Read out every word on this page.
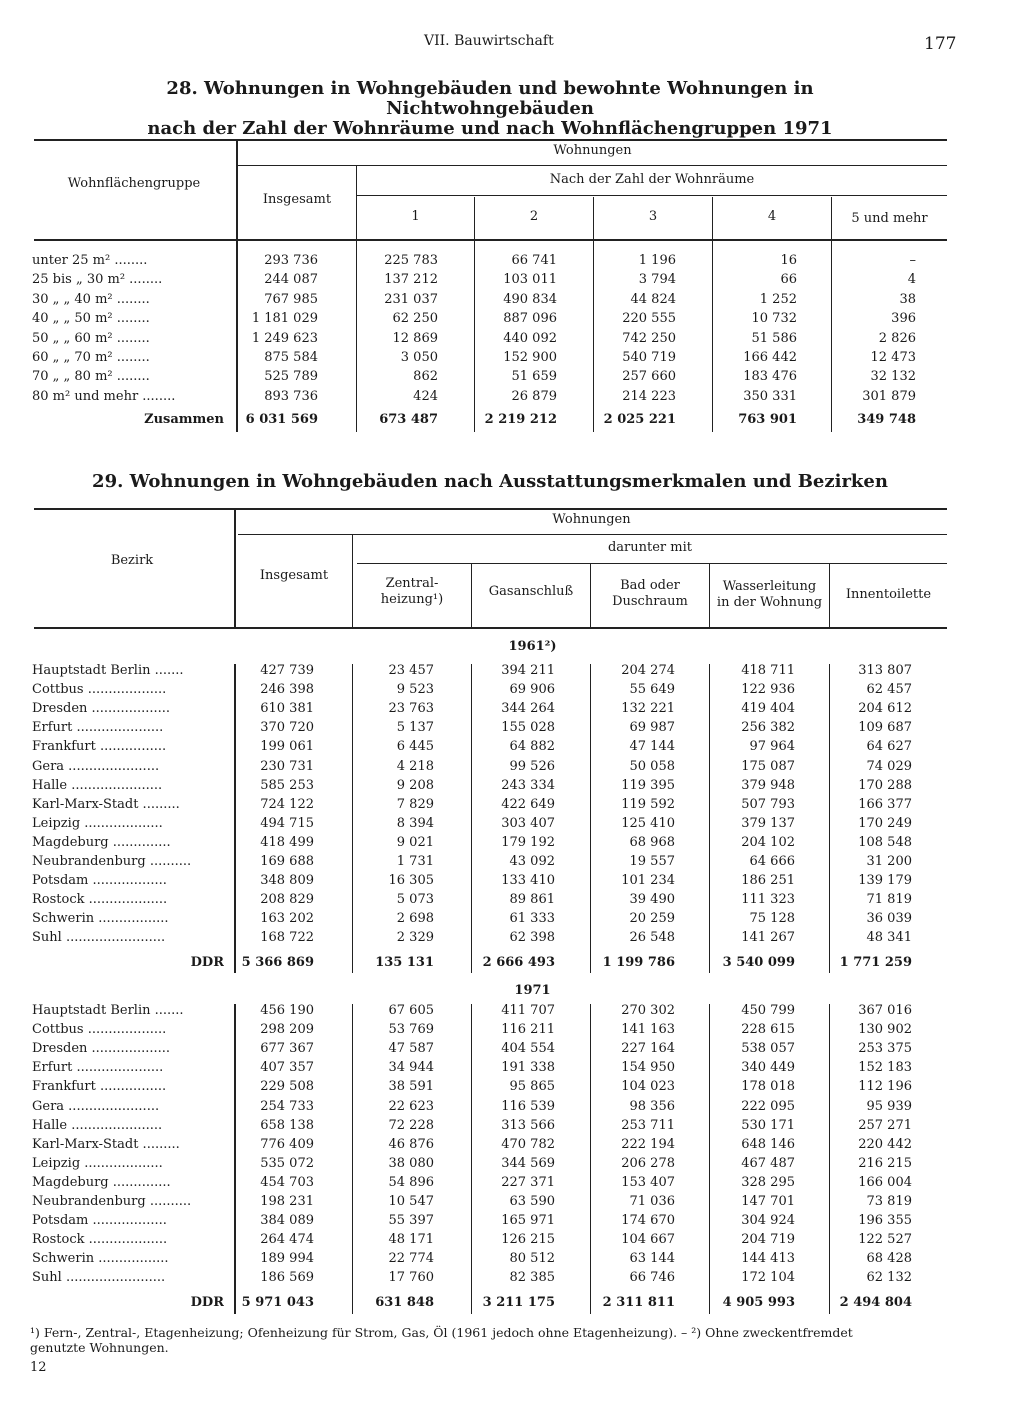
VII. Bauwirtschaft	177
28. Wohnungen in Wohngebäuden und bewohnte Wohnungen in Nichtwohngebäuden
nach der Zahl der Wohnräume und nach Wohnflächengruppen 1971
Wohnflächengruppe
Wohnungen
Insgesamt
Nach der Zahl der Wohnräume
1	2	3	4	5 und mehr
unter 25 m² ........	293 736	225 783	66 741	1 196	16	–
25 bis „ 30 m² ........	244 087	137 212	103 011	3 794	66	4
30 „ „ 40 m² ........	767 985	231 037	490 834	44 824	1 252	38
40 „ „ 50 m² ........	1 181 029	62 250	887 096	220 555	10 732	396
50 „ „ 60 m² ........	1 249 623	12 869	440 092	742 250	51 586	2 826
60 „ „ 70 m² ........	875 584	3 050	152 900	540 719	166 442	12 473
70 „ „ 80 m² ........	525 789	862	51 659	257 660	183 476	32 132
80 m² und mehr ........	893 736	424	26 879	214 223	350 331	301 879
Zusammen 6 031 569	673 487	2 219 212	2 025 221	763 901	349 748
29. Wohnungen in Wohngebäuden nach Ausstattungsmerkmalen und Bezirken
Bezirk
Wohnungen
Insgesamt
darunter mit
Zentral-
heizung¹)
Gasanschluß	Bad oder
Duschraum
Wasserleitung
in der Wohnung
Innentoilette
1961²)
1971
Hauptstadt Berlin .......	427 739	23 457	394 211	204 274	418 711	313 807
Cottbus ...................	246 398	9 523	69 906	55 649	122 936	62 457
Dresden ...................	610 381	23 763	344 264	132 221	419 404	204 612
Erfurt .....................	370 720	5 137	155 028	69 987	256 382	109 687
Frankfurt ................	199 061	6 445	64 882	47 144	97 964	64 627
Gera ......................	230 731	4 218	99 526	50 058	175 087	74 029
Halle ......................	585 253	9 208	243 334	119 395	379 948	170 288
Karl-Marx-Stadt .........	724 122	7 829	422 649	119 592	507 793	166 377
Leipzig ...................	494 715	8 394	303 407	125 410	379 137	170 249
Magdeburg ..............	418 499	9 021	179 192	68 968	204 102	108 548
Neubrandenburg ..........	169 688	1 731	43 092	19 557	64 666	31 200
Potsdam ..................	348 809	16 305	133 410	101 234	186 251	139 179
Rostock ...................	208 829	5 073	89 861	39 490	111 323	71 819
Schwerin .................	163 202	2 698	61 333	20 259	75 128	36 039
Suhl ........................	168 722	2 329	62 398	26 548	141 267	48 341
DDR 5 366 869	135 131	2 666 493	1 199 786	3 540 099	1 771 259
Hauptstadt Berlin .......	456 190	67 605	411 707	270 302	450 799	367 016
Cottbus ...................	298 209	53 769	116 211	141 163	228 615	130 902
Dresden ...................	677 367	47 587	404 554	227 164	538 057	253 375
Erfurt .....................	407 357	34 944	191 338	154 950	340 449	152 183
Frankfurt ................	229 508	38 591	95 865	104 023	178 018	112 196
Gera ......................	254 733	22 623	116 539	98 356	222 095	95 939
Halle ......................	658 138	72 228	313 566	253 711	530 171	257 271
Karl-Marx-Stadt .........	776 409	46 876	470 782	222 194	648 146	220 442
Leipzig ...................	535 072	38 080	344 569	206 278	467 487	216 215
Magdeburg ..............	454 703	54 896	227 371	153 407	328 295	166 004
Neubrandenburg ..........	198 231	10 547	63 590	71 036	147 701	73 819
Potsdam ..................	384 089	55 397	165 971	174 670	304 924	196 355
Rostock ...................	264 474	48 171	126 215	104 667	204 719	122 527
Schwerin .................	189 994	22 774	80 512	63 144	144 413	68 428
Suhl ........................	186 569	17 760	82 385	66 746	172 104	62 132
DDR 5 971 043	631 848	3 211 175	2 311 811	4 905 993	2 494 804
¹) Fern-, Zentral-, Etagenheizung; Ofenheizung für Strom, Gas, Öl (1961 jedoch ohne Etagenheizung). – ²) Ohne zweckentfremdet
genutzte Wohnungen.
12
